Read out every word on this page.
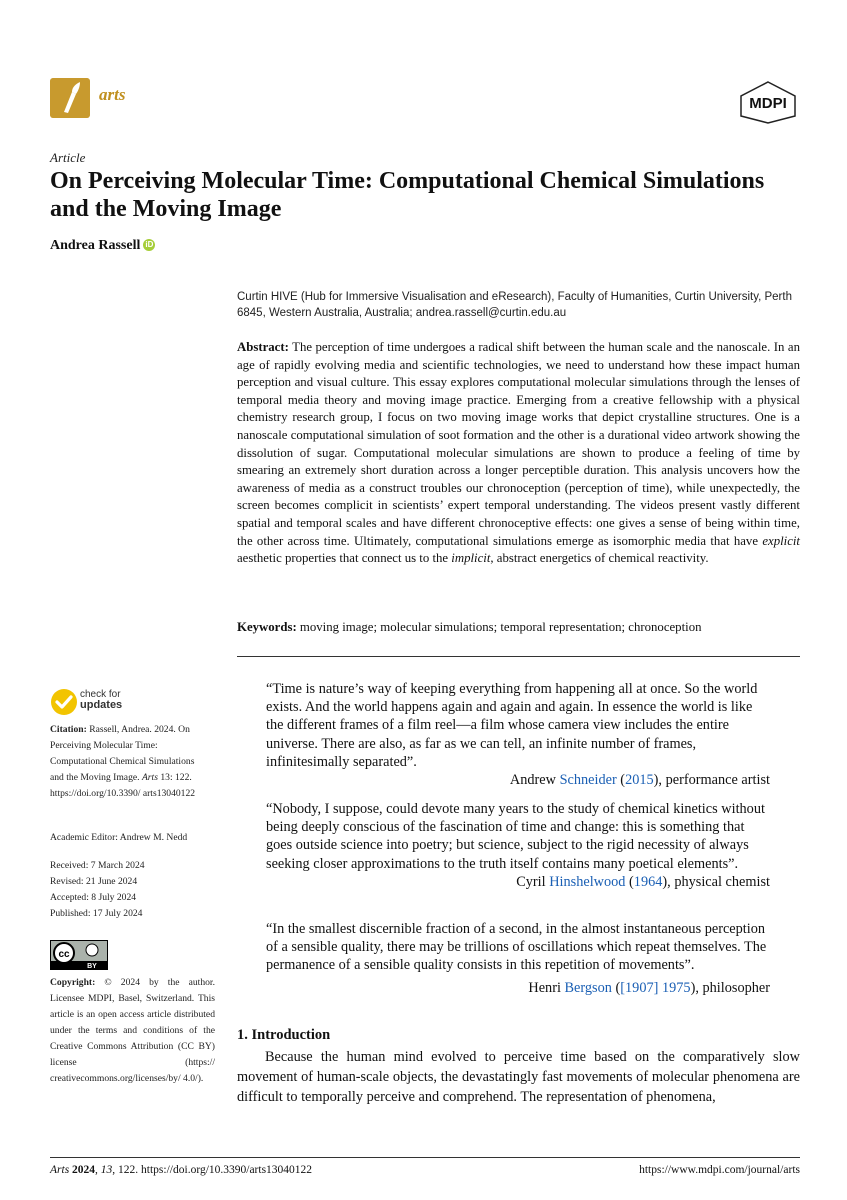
arts	MDPI
Article
On Perceiving Molecular Time: Computational Chemical Simulations and the Moving Image
Andrea Rassell iD
Curtin HIVE (Hub for Immersive Visualisation and eResearch), Faculty of Humanities, Curtin University, Perth 6845, Western Australia, Australia; andrea.rassell@curtin.edu.au
Abstract: The perception of time undergoes a radical shift between the human scale and the nanoscale. In an age of rapidly evolving media and scientific technologies, we need to understand how these impact human perception and visual culture. This essay explores computational molecular simulations through the lenses of temporal media theory and moving image practice. Emerging from a creative fellowship with a physical chemistry research group, I focus on two moving image works that depict crystalline structures. One is a nanoscale computational simulation of soot formation and the other is a durational video artwork showing the dissolution of sugar. Computational molecular simulations are shown to produce a feeling of time by smearing an extremely short duration across a longer perceptible duration. This analysis uncovers how the awareness of media as a construct troubles our chronoception (perception of time), while unexpectedly, the screen becomes complicit in scientists’ expert temporal understanding. The videos present vastly different spatial and temporal scales and have different chronoceptive effects: one gives a sense of being within time, the other across time. Ultimately, computational simulations emerge as isomorphic media that have explicit aesthetic properties that connect us to the implicit, abstract energetics of chemical reactivity.
Keywords: moving image; molecular simulations; temporal representation; chronoception
“Time is nature’s way of keeping everything from happening all at once. So the world exists. And the world happens again and again and again. In essence the world is like the different frames of a film reel—a film whose camera view includes the entire universe. There are also, as far as we can tell, an infinite number of frames, infinitesimally separated”.
Andrew Schneider (2015), performance artist
“Nobody, I suppose, could devote many years to the study of chemical kinetics without being deeply conscious of the fascination of time and change: this is something that goes outside science into poetry; but science, subject to the rigid necessity of always seeking closer approximations to the truth itself contains many poetical elements”.
Cyril Hinshelwood (1964), physical chemist
“In the smallest discernible fraction of a second, in the almost instantaneous perception of a sensible quality, there may be trillions of oscillations which repeat themselves. The permanence of a sensible quality consists in this repetition of movements”.
Henri Bergson ([1907] 1975), philosopher
check for
updates
Citation: Rassell, Andrea. 2024. On Perceiving Molecular Time: Computational Chemical Simulations and the Moving Image. Arts 13: 122. https://doi.org/10.3390/ arts13040122
Academic Editor: Andrew M. Nedd
Received: 7 March 2024
Revised: 21 June 2024
Accepted: 8 July 2024
Published: 17 July 2024
cc
BY
Copyright: © 2024 by the author. Licensee MDPI, Basel, Switzerland. This article is an open access article distributed under the terms and conditions of the Creative Commons Attribution (CC BY) license (https:// creativecommons.org/licenses/by/ 4.0/).
1. Introduction
Because the human mind evolved to perceive time based on the comparatively slow movement of human-scale objects, the devastatingly fast movements of molecular phenomena are difficult to temporally perceive and comprehend. The representation of phenomena,
Arts 2024, 13, 122. https://doi.org/10.3390/arts13040122	https://www.mdpi.com/journal/arts
